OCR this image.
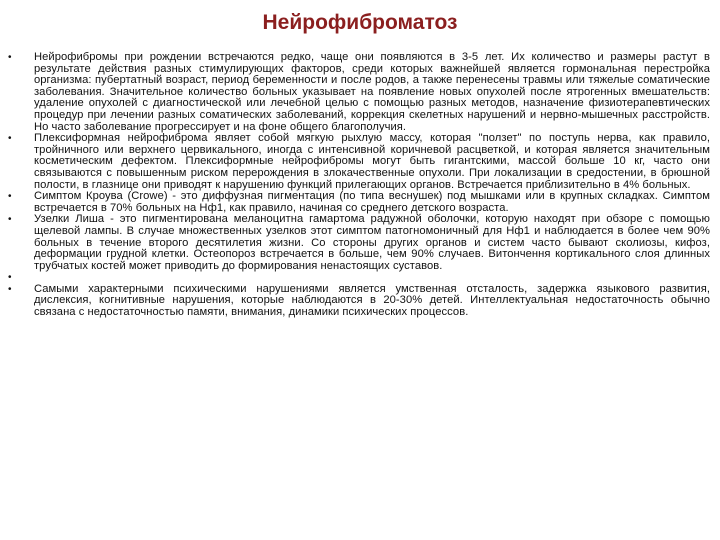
Нейрофиброматоз
• Нейрофибромы при рождении встречаются редко, чаще они появляются в 3-5 лет. Их количество и размеры растут в результате действия разных стимулирующих факторов, среди которых важнейшей является гормональная перестройка организма: пубертатный возраст, период беременности и после родов, а также перенесены травмы или тяжелые соматические заболевания. Значительное количество больных указывает на появление новых опухолей после ятрогенных вмешательств: удаление опухолей с диагностической или лечебной целью с помощью разных методов, назначение физиотерапевтических процедур при лечении разных соматических заболеваний, коррекция скелетных нарушений и нервно-мышечных расстройств. Но часто заболевание прогрессирует и на фоне общего благополучия.
• Плексиформная нейрофиброма являет собой мягкую рыхлую массу, которая "ползет" по поступь нерва, как правило, тройничного или верхнего цервикального, иногда с интенсивной коричневой расцветкой, и которая является значительным косметическим дефектом. Плексиформные нейрофибромы могут быть гигантскими, массой больше 10 кг, часто они связываются с повышенным риском перерождения в злокачественные опухоли. При локализации в средостении, в брюшной полости, в глазнице они приводят к нарушению функций прилегающих органов. Встречается приблизительно в 4% больных.
• Симптом Кроува (Crowe) - это диффузная пигментация (по типа веснушек) под мышками или в крупных складках. Симптом встречается в 70% больных на Нф1, как правило, начиная со среднего детского возраста.
• Узелки Лиша - это пигментирована меланоцитна гамартома радужной оболочки, которую находят при обзоре с помощью щелевой лампы. В случае множественных узелков этот симптом патогномоничный для Нф1 и наблюдается в более чем 90% больных в течение второго десятилетия жизни. Со стороны других органов и систем часто бывают сколиозы, кифоз, деформации грудной клетки. Остеопороз встречается в больше, чем 90% случаев. Витончення кортикального слоя длинных трубчатых костей может приводить до формирования ненастоящих суставов.
•
• Самыми характерными психическими нарушениями является умственная отсталость, задержка языкового развития, дислексия, когнитивные нарушения, которые наблюдаются в 20-30% детей. Интеллектуальная недостаточность обычно связана с недостаточностью памяти, внимания, динамики психических процессов.
